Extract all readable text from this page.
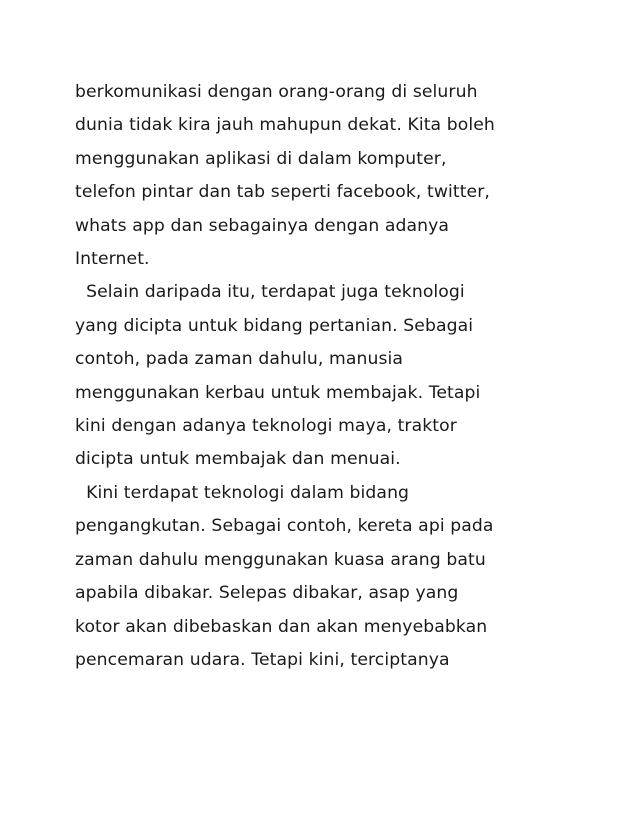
berkomunikasi dengan orang-orang di seluruh
dunia tidak kira jauh mahupun dekat. Kita boleh
menggunakan aplikasi di dalam komputer,
telefon pintar dan tab seperti facebook, twitter,
whats app dan sebagainya dengan adanya
Internet.

Selain daripada itu, terdapat juga teknologi
yang dicipta untuk bidang pertanian. Sebagai
contoh, pada zaman dahulu, manusia
menggunakan kerbau untuk membajak. Tetapi
kini dengan adanya teknologi maya, traktor
dicipta untuk membajak dan menuai.

Kini terdapat teknologi dalam bidang
pengangkutan. Sebagai contoh, kereta api pada
zaman dahulu menggunakan kuasa arang batu
apabila dibakar. Selepas dibakar, asap yang
kotor akan dibebaskan dan akan menyebabkan
pencemaran udara. Tetapi kini, terciptanya
